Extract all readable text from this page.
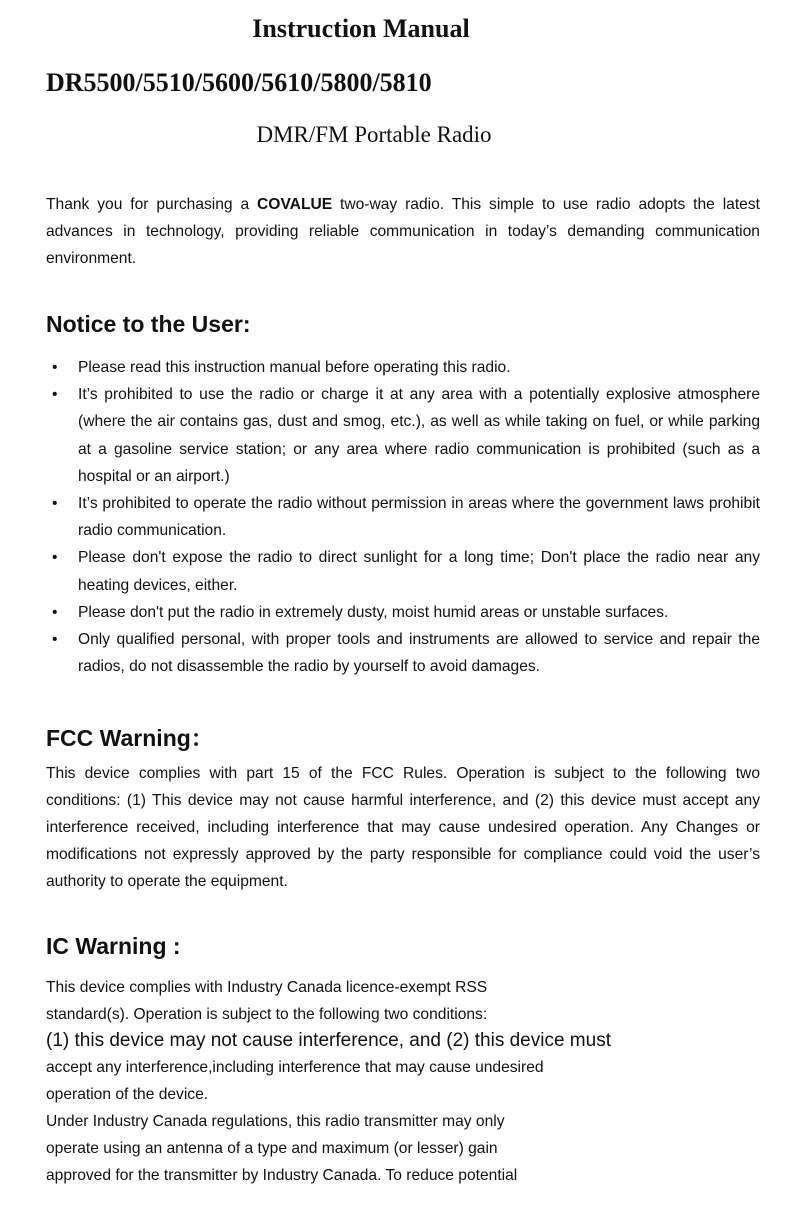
Instruction Manual
DR5500/5510/5600/5610/5800/5810
DMR/FM Portable Radio

Thank you for purchasing a COVALUE two-way radio. This simple to use radio adopts the latest advances in technology, providing reliable communication in today’s demanding communication environment.

Notice to the User:
• Please read this instruction manual before operating this radio.
• It’s prohibited to use the radio or charge it at any area with a potentially explosive atmosphere (where the air contains gas, dust and smog, etc.), as well as while taking on fuel, or while parking at a gasoline service station; or any area where radio communication is prohibited (such as a hospital or an airport.)
• It’s prohibited to operate the radio without permission in areas where the government laws prohibit radio communication.
• Please don't expose the radio to direct sunlight for a long time; Don't place the radio near any heating devices, either.
• Please don't put the radio in extremely dusty, moist humid areas or unstable surfaces.
• Only qualified personal, with proper tools and instruments are allowed to service and repair the radios, do not disassemble the radio by yourself to avoid damages.
FCC Warning：

This device complies with part 15 of the FCC Rules. Operation is subject to the following two conditions: (1) This device may not cause harmful interference, and (2) this device must accept any interference received, including interference that may cause undesired operation. Any Changes or modifications not expressly approved by the party responsible for compliance could void the user’s authority to operate the equipment.

IC Warning :
This device complies with Industry Canada licence-exempt RSS
standard(s). Operation is subject to the following two conditions:
(1) this device may not cause interference, and (2) this device must
accept any interference,including interference that may cause undesired
operation of the device.
Under Industry Canada regulations, this radio transmitter may only
operate using an antenna of a type and maximum (or lesser) gain
approved for the transmitter by Industry Canada. To reduce potential
